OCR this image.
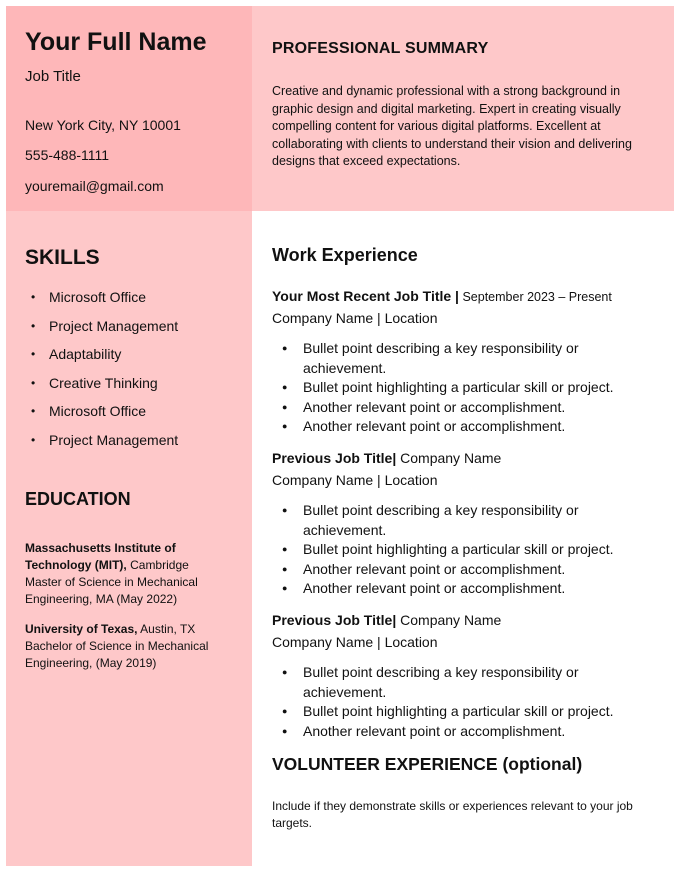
Your Full Name
Job Title
New York City, NY 10001
555-488-1111
youremail@gmail.com
PROFESSIONAL SUMMARY
Creative and dynamic professional with a strong background in graphic design and digital marketing. Expert in creating visually compelling content for various digital platforms. Excellent at collaborating with clients to understand their vision and delivering designs that exceed expectations.
SKILLS
• Microsoft Office
• Project Management
• Adaptability
• Creative Thinking
• Microsoft Office
• Project Management
EDUCATION
Massachusetts Institute of Technology (MIT), Cambridge
Master of Science in Mechanical Engineering, MA (May 2022)
University of Texas, Austin, TX
Bachelor of Science in Mechanical Engineering, (May 2019)
Work Experience
Your Most Recent Job Title | September 2023 – Present
Company Name | Location
● Bullet point describing a key responsibility or achievement.
● Bullet point highlighting a particular skill or project.
● Another relevant point or accomplishment.
● Another relevant point or accomplishment.
Previous Job Title| Company Name
Company Name | Location
● Bullet point describing a key responsibility or achievement.
● Bullet point highlighting a particular skill or project.
● Another relevant point or accomplishment.
● Another relevant point or accomplishment.
Previous Job Title| Company Name
Company Name | Location
● Bullet point describing a key responsibility or achievement.
● Bullet point highlighting a particular skill or project.
● Another relevant point or accomplishment.
VOLUNTEER EXPERIENCE (optional)
Include if they demonstrate skills or experiences relevant to your job targets.
